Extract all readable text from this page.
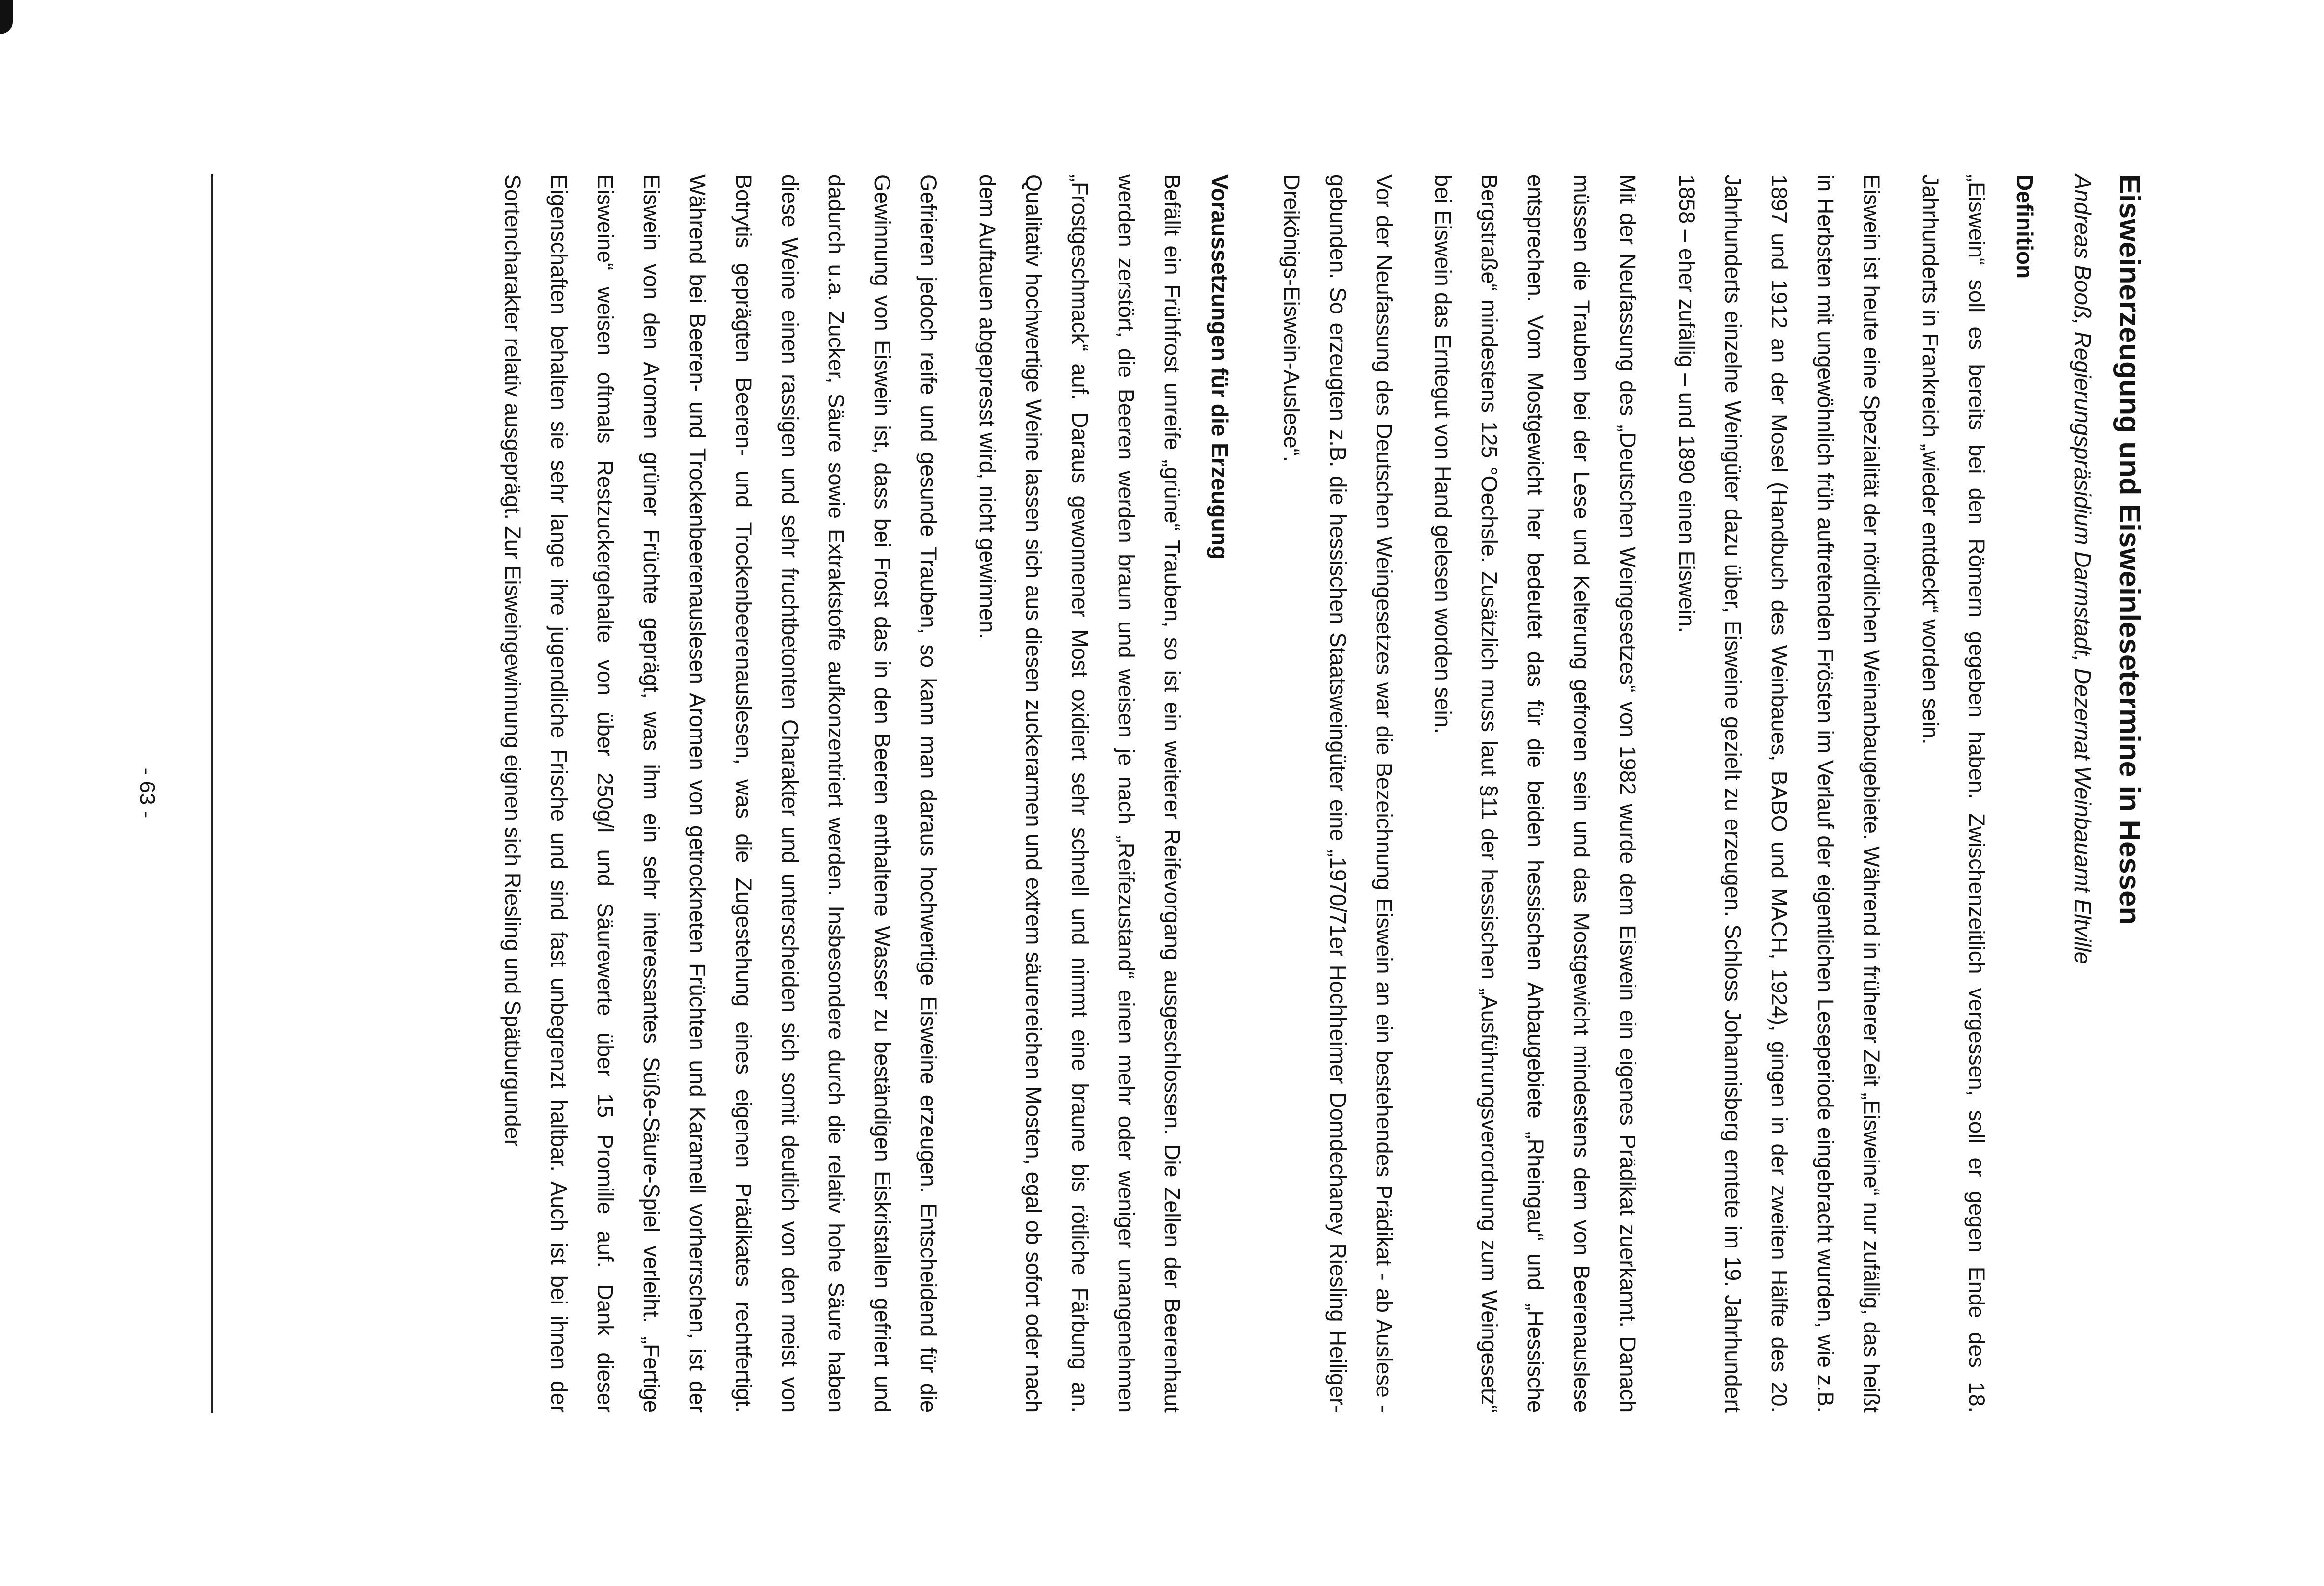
Eisweinerzeugung und Eisweinlesetermine in Hessen
Andreas Booß, Regierungspräsidium Darmstadt, Dezernat Weinbauamt Eltville
Definition

„Eiswein“ soll es bereits bei den Römern gegeben haben. Zwischenzeitlich vergessen, soll er gegen Ende des 18. Jahrhunderts in Frankreich „wieder entdeckt“ worden sein.

Eiswein ist heute eine Spezialität der nördlichen Weinanbaugebiete. Während in früherer Zeit „Eisweine“ nur zufällig, das heißt in Herbsten mit ungewöhnlich früh auftretenden Frösten im Verlauf der eigentlichen Leseperiode eingebracht wurden, wie z.B. 1897 und 1912 an der Mosel (Handbuch des Weinbaues, BABO und MACH, 1924), gingen in der zweiten Hälfte des 20. Jahrhunderts einzelne Weingüter dazu über, Eisweine gezielt zu erzeugen. Schloss Johannisberg erntete im 19. Jahrhundert 1858 – eher zufällig – und 1890 einen Eiswein.

Mit der Neufassung des „Deutschen Weingesetzes“ von 1982 wurde dem Eiswein ein eigenes Prädikat zuerkannt. Danach müssen die Trauben bei der Lese und Kelterung gefroren sein und das Mostgewicht mindestens dem von Beerenauslese entsprechen. Vom Mostgewicht her bedeutet das für die beiden hessischen Anbaugebiete „Rheingau“ und „Hessische Bergstraße“ mindestens 125 °Oechsle. Zusätzlich muss laut §11 der hessischen „Ausführungsverordnung zum Weingesetz“ bei Eiswein das Erntegut von Hand gelesen worden sein.

Vor der Neufassung des Deutschen Weingesetzes war die Bezeichnung Eiswein an ein bestehendes Prädikat - ab Auslese - gebunden. So erzeugten z.B. die hessischen Staatsweingüter eine „1970/71er Hochheimer Domdechaney Riesling Heiliger-Dreikönigs-Eiswein-Auslese“.

Voraussetzungen für die Erzeugung

Befällt ein Frühfrost unreife „grüne“ Trauben, so ist ein weiterer Reifevorgang ausgeschlossen. Die Zellen der Beerenhaut werden zerstört, die Beeren werden braun und weisen je nach „Reifezustand“ einen mehr oder weniger unangenehmen „Frostgeschmack“ auf. Daraus gewonnener Most oxidiert sehr schnell und nimmt eine braune bis rötliche Färbung an. Qualitativ hochwertige Weine lassen sich aus diesen zuckerarmen und extrem säurereichen Mosten, egal ob sofort oder nach dem Auftauen abgepresst wird, nicht gewinnen.

Gefrieren jedoch reife und gesunde Trauben, so kann man daraus hochwertige Eisweine erzeugen. Entscheidend für die Gewinnung von Eiswein ist, dass bei Frost das in den Beeren enthaltene Wasser zu beständigen Eiskristallen gefriert und dadurch u.a. Zucker, Säure sowie Extraktstoffe aufkonzentriert werden. Insbesondere durch die relativ hohe Säure haben diese Weine einen rassigen und sehr fruchtbetonten Charakter und unterscheiden sich somit deutlich von den meist von Botrytis geprägten Beeren- und Trockenbeerenauslesen, was die Zugestehung eines eigenen Prädikates rechtfertigt. Während bei Beeren- und Trockenbeerenauslesen Aromen von getrockneten Früchten und Karamell vorherrschen, ist der Eiswein von den Aromen grüner Früchte geprägt, was ihm ein sehr interessantes Süße-Säure-Spiel verleiht. „Fertige Eisweine“ weisen oftmals Restzuckergehalte von über 250g/l und Säurewerte über 15 Promille auf. Dank dieser Eigenschaften behalten sie sehr lange ihre jugendliche Frische und sind fast unbegrenzt haltbar. Auch ist bei ihnen der Sortencharakter relativ ausgeprägt. Zur Eisweingewinnung eignen sich Riesling und Spätburgunder

- 63 -
